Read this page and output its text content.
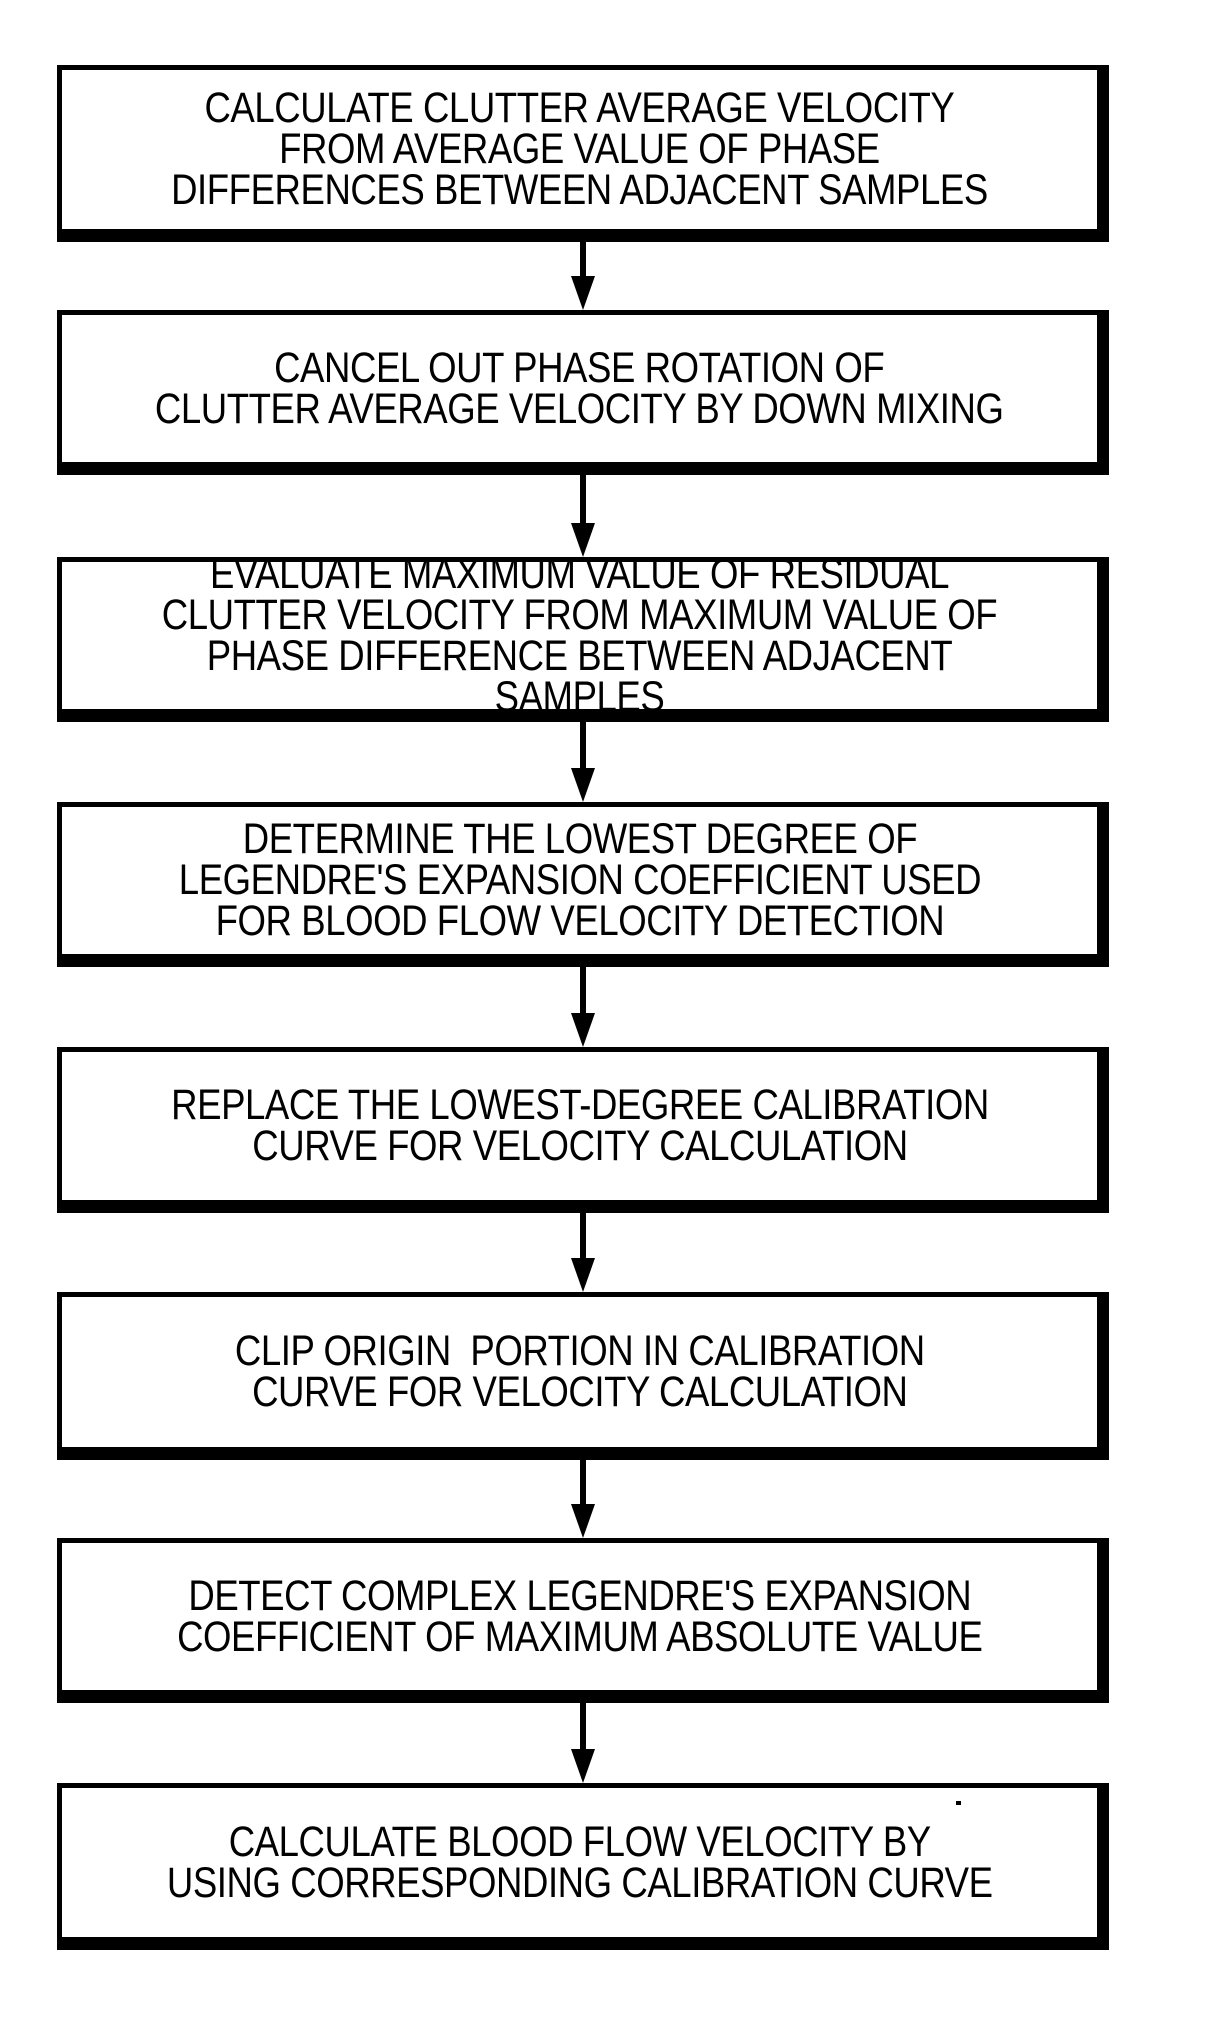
CALCULATE CLUTTER AVERAGE VELOCITY
FROM AVERAGE VALUE OF PHASE
DIFFERENCES BETWEEN ADJACENT SAMPLES
CANCEL OUT PHASE ROTATION OF
CLUTTER AVERAGE VELOCITY BY DOWN MIXING
EVALUATE MAXIMUM VALUE OF RESIDUAL
CLUTTER VELOCITY FROM MAXIMUM VALUE OF
PHASE DIFFERENCE BETWEEN ADJACENT SAMPLES
DETERMINE THE LOWEST DEGREE OF
LEGENDRE'S EXPANSION COEFFICIENT USED
FOR BLOOD FLOW VELOCITY DETECTION
REPLACE THE LOWEST-DEGREE CALIBRATION
CURVE FOR VELOCITY CALCULATION
CLIP ORIGIN  PORTION IN CALIBRATION
CURVE FOR VELOCITY CALCULATION
DETECT COMPLEX LEGENDRE'S EXPANSION
COEFFICIENT OF MAXIMUM ABSOLUTE VALUE
CALCULATE BLOOD FLOW VELOCITY BY
USING CORRESPONDING CALIBRATION CURVE
